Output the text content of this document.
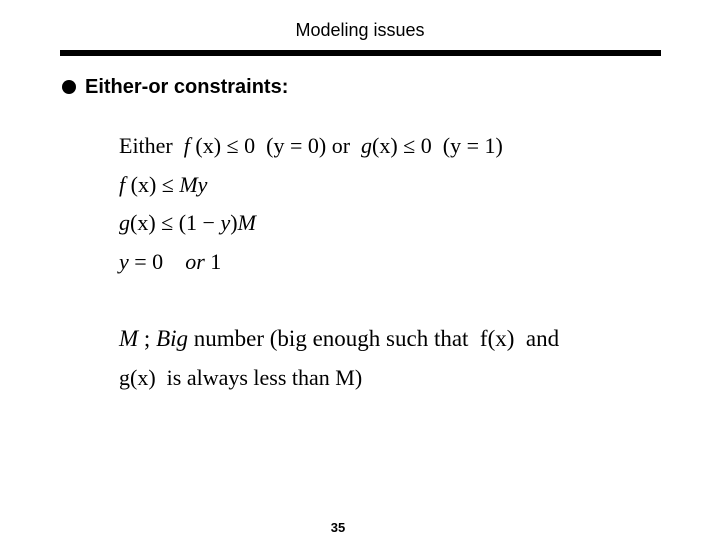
Modeling issues
Either-or constraints:
Either f (x) ≤ 0 (y = 0) or g(x) ≤ 0 (y = 1)
f (x) ≤ My
g(x) ≤ (1 − y)M
y = 0 or 1
M ; Big number (big enough such that  f(x)  and
g(x)  is always less than M)
35
